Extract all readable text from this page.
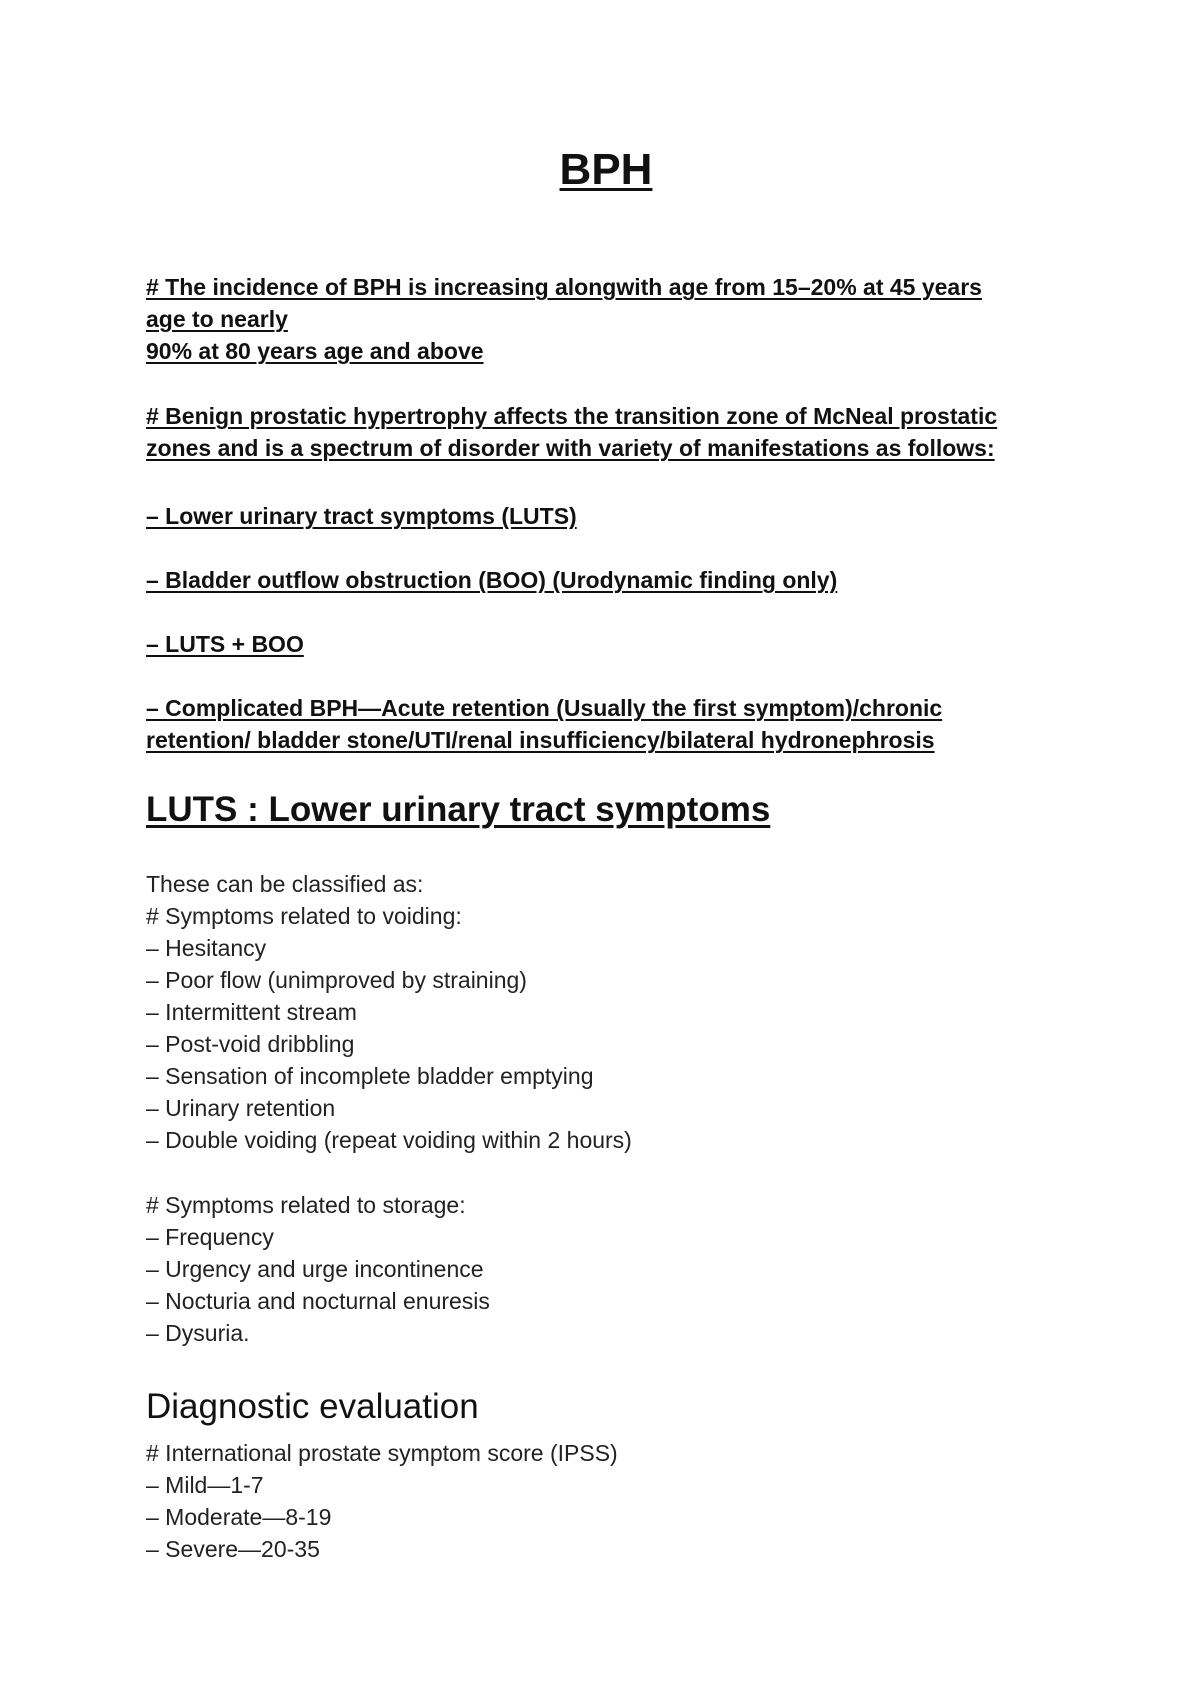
BPH

# The incidence of BPH is increasing alongwith age from 15–20% at 45 years
age to nearly
90% at 80 years age and above

# Benign prostatic hypertrophy affects the transition zone of McNeal prostatic
zones and is a spectrum of disorder with variety of manifestations as follows:

– Lower urinary tract symptoms (LUTS)

– Bladder outflow obstruction (BOO) (Urodynamic finding only)

– LUTS + BOO

– Complicated BPH—Acute retention (Usually the first symptom)/chronic
retention/ bladder stone/UTI/renal insufficiency/bilateral hydronephrosis

LUTS : Lower urinary tract symptoms
These can be classified as:
# Symptoms related to voiding:
– Hesitancy
– Poor flow (unimproved by straining)
– Intermittent stream
– Post-void dribbling
– Sensation of incomplete bladder emptying
– Urinary retention
– Double voiding (repeat voiding within 2 hours)
# Symptoms related to storage:
– Frequency
– Urgency and urge incontinence
– Nocturia and nocturnal enuresis
– Dysuria.
Diagnostic evaluation
# International prostate symptom score (IPSS)
– Mild—1-7
– Moderate—8-19
– Severe—20-35
